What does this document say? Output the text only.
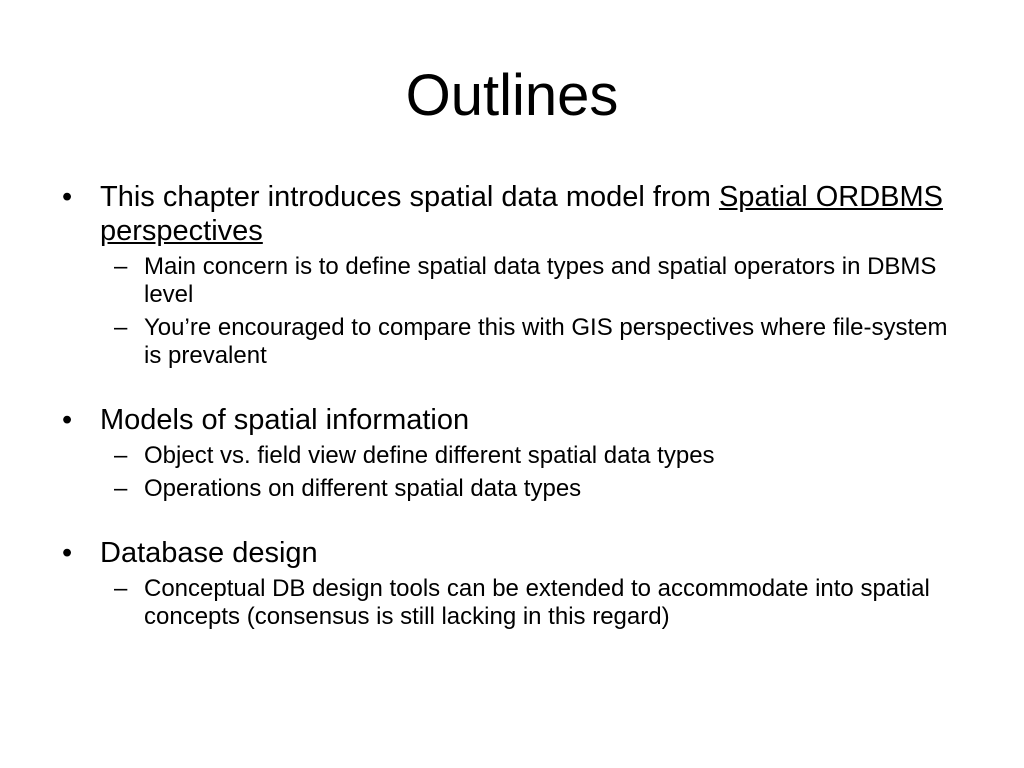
Outlines
• This chapter introduces spatial data model from Spatial ORDBMS perspectives
– Main concern is to define spatial data types and spatial operators in DBMS level
– You’re encouraged to compare this with GIS perspectives where file-system is prevalent
• Models of spatial information
– Object vs. field view define different spatial data types
– Operations on different spatial data types
• Database design
– Conceptual DB design tools can be extended to accommodate into spatial concepts (consensus is still lacking in this regard)
